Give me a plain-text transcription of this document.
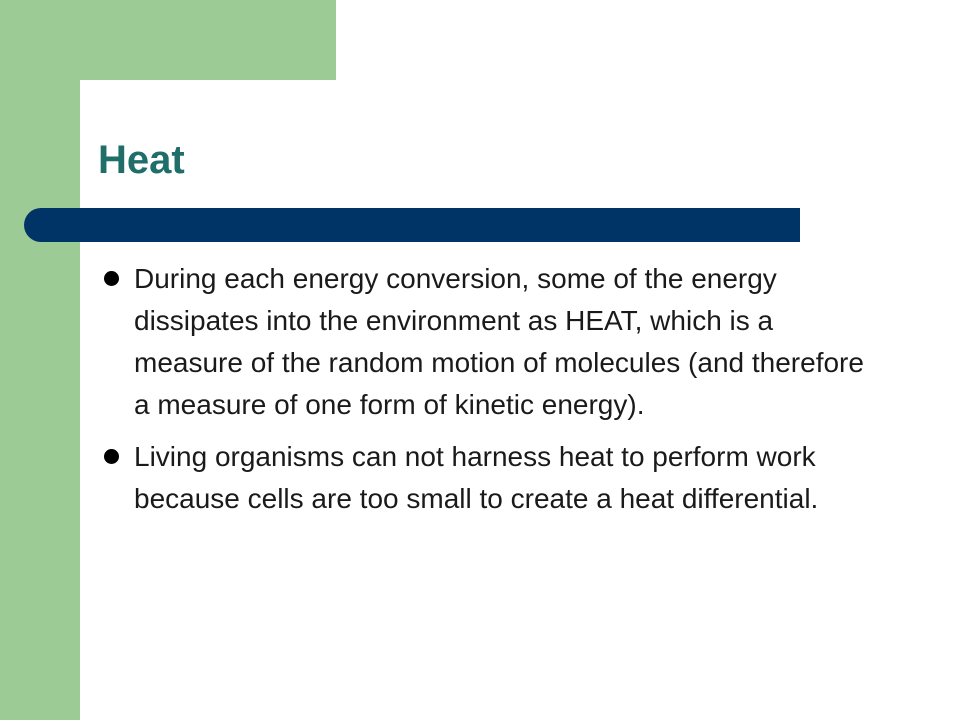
Heat
During each energy conversion, some of the energy dissipates into the environment as HEAT, which is a measure of the random motion of molecules (and therefore a measure of one form of kinetic energy).
Living organisms can not harness heat to perform work because cells are too small to create a heat differential.
